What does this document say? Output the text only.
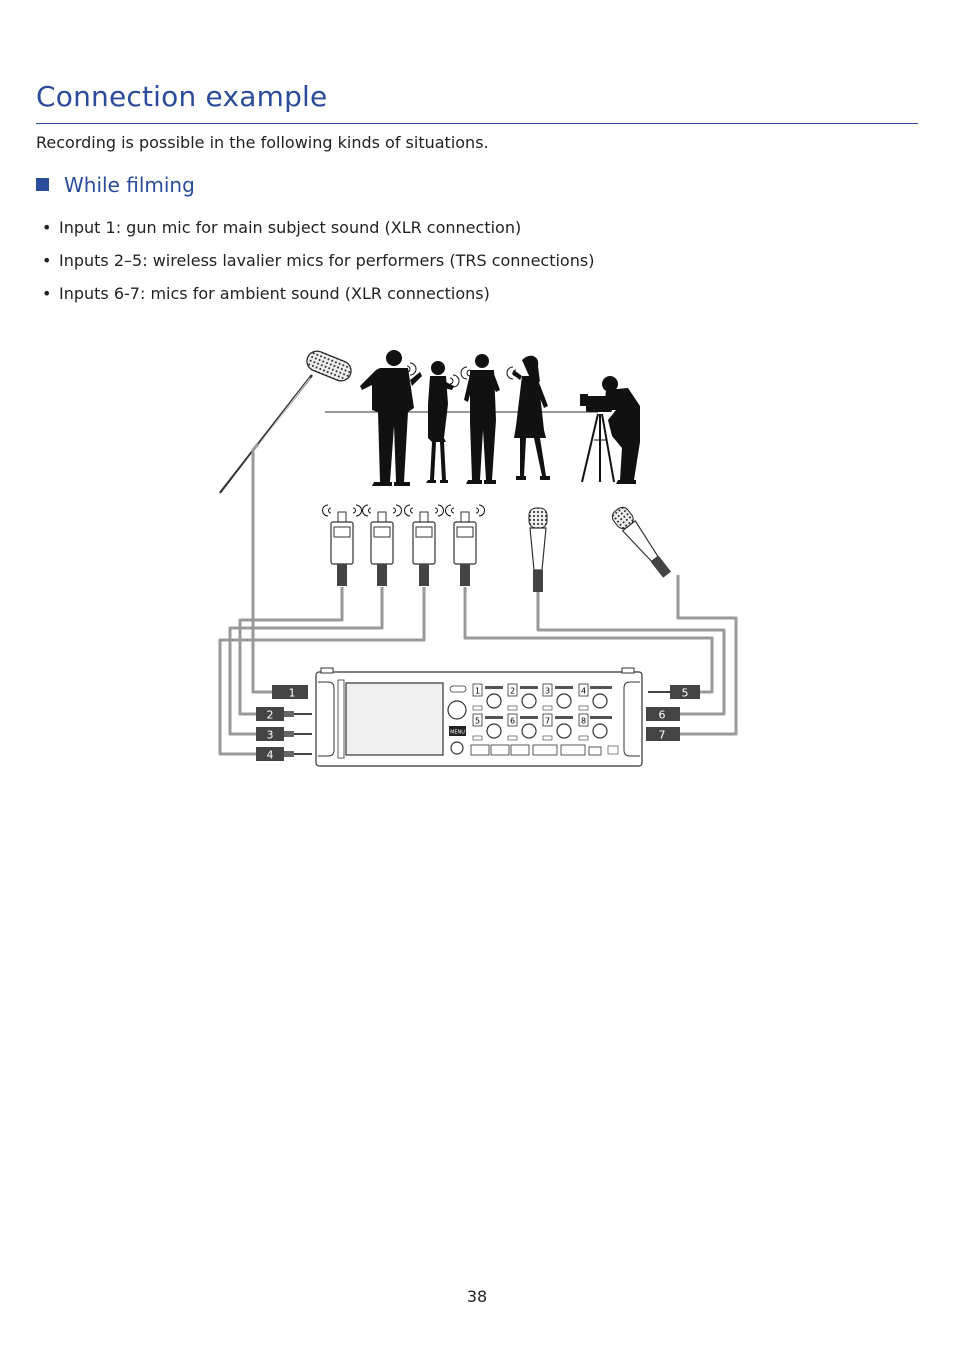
Connection example

Recording is possible in the following kinds of situations.

While filming
• Input 1: gun mic for main subject sound (XLR connection)
• Inputs 2–5: wireless lavalier mics for performers (TRS connections)
• Inputs 6-7: mics for ambient sound (XLR connections)
1
2
3
4
5
6
7
MENU
1	2	3	4
5	6	7	8
38
